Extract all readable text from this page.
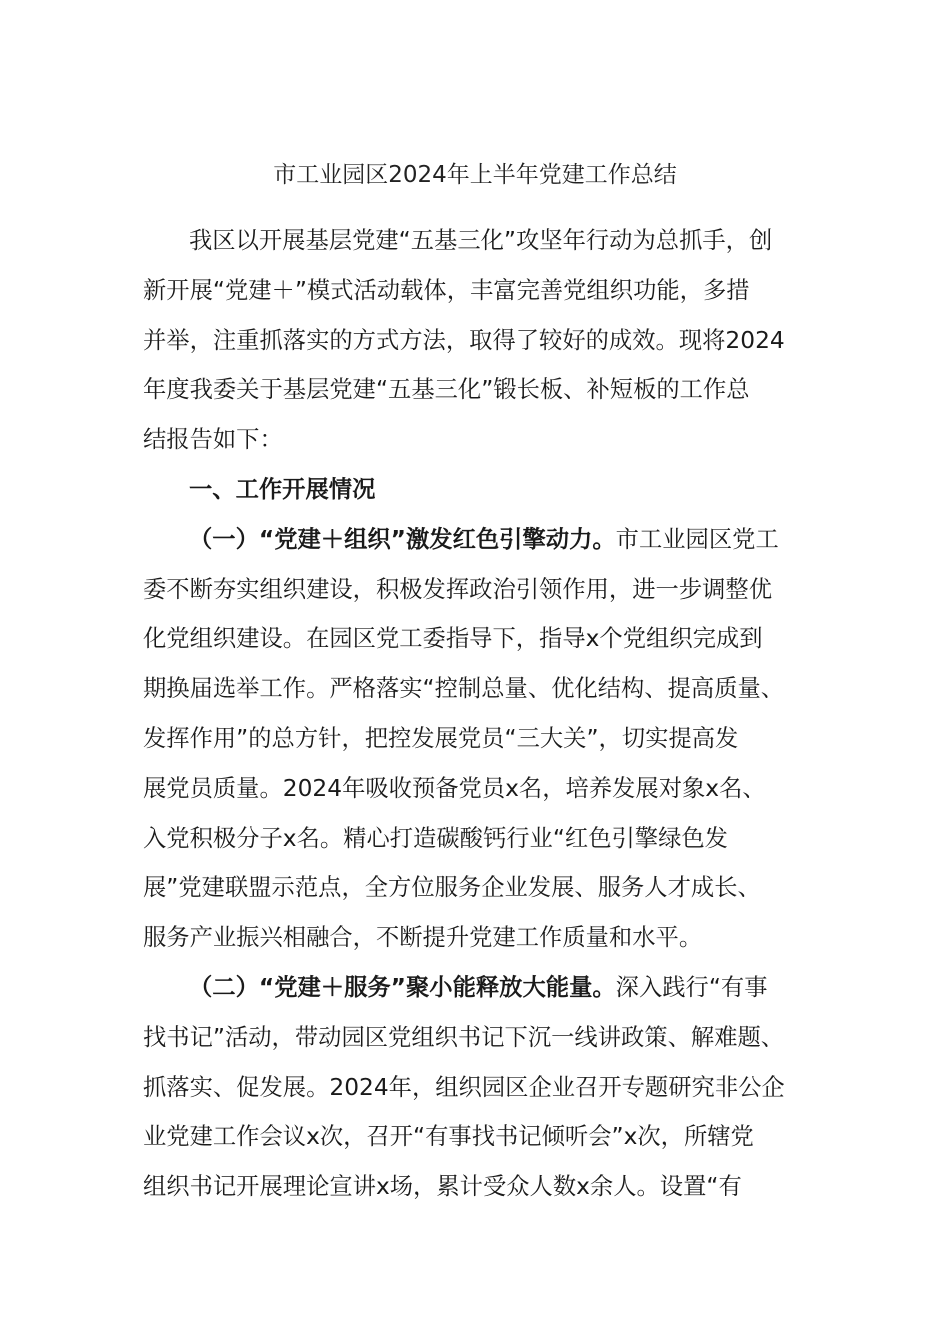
市工业园区2024年上半年党建工作总结
我区以开展基层党建“五基三化”攻坚年行动为总抓手，创
新开展“党建＋”模式活动载体，丰富完善党组织功能，多措
并举，注重抓落实的方式方法，取得了较好的成效。现将2024
年度我委关于基层党建“五基三化”锻长板、补短板的工作总
结报告如下：
一、工作开展情况
（一）“党建＋组织”激发红色引擎动力。市工业园区党工
委不断夯实组织建设，积极发挥政治引领作用，进一步调整优
化党组织建设。在园区党工委指导下，指导x个党组织完成到
期换届选举工作。严格落实“控制总量、优化结构、提高质量、
发挥作用”的总方针，把控发展党员“三大关”，切实提高发
展党员质量。2024年吸收预备党员x名，培养发展对象x名、
入党积极分子x名。精心打造碳酸钙行业“红色引擎绿色发
展”党建联盟示范点，全方位服务企业发展、服务人才成长、
服务产业振兴相融合，不断提升党建工作质量和水平。
（二）“党建＋服务”聚小能释放大能量。深入践行“有事
找书记”活动，带动园区党组织书记下沉一线讲政策、解难题、
抓落实、促发展。2024年，组织园区企业召开专题研究非公企
业党建工作会议x次，召开“有事找书记倾听会”x次，所辖党
组织书记开展理论宣讲x场，累计受众人数x余人。设置“有
